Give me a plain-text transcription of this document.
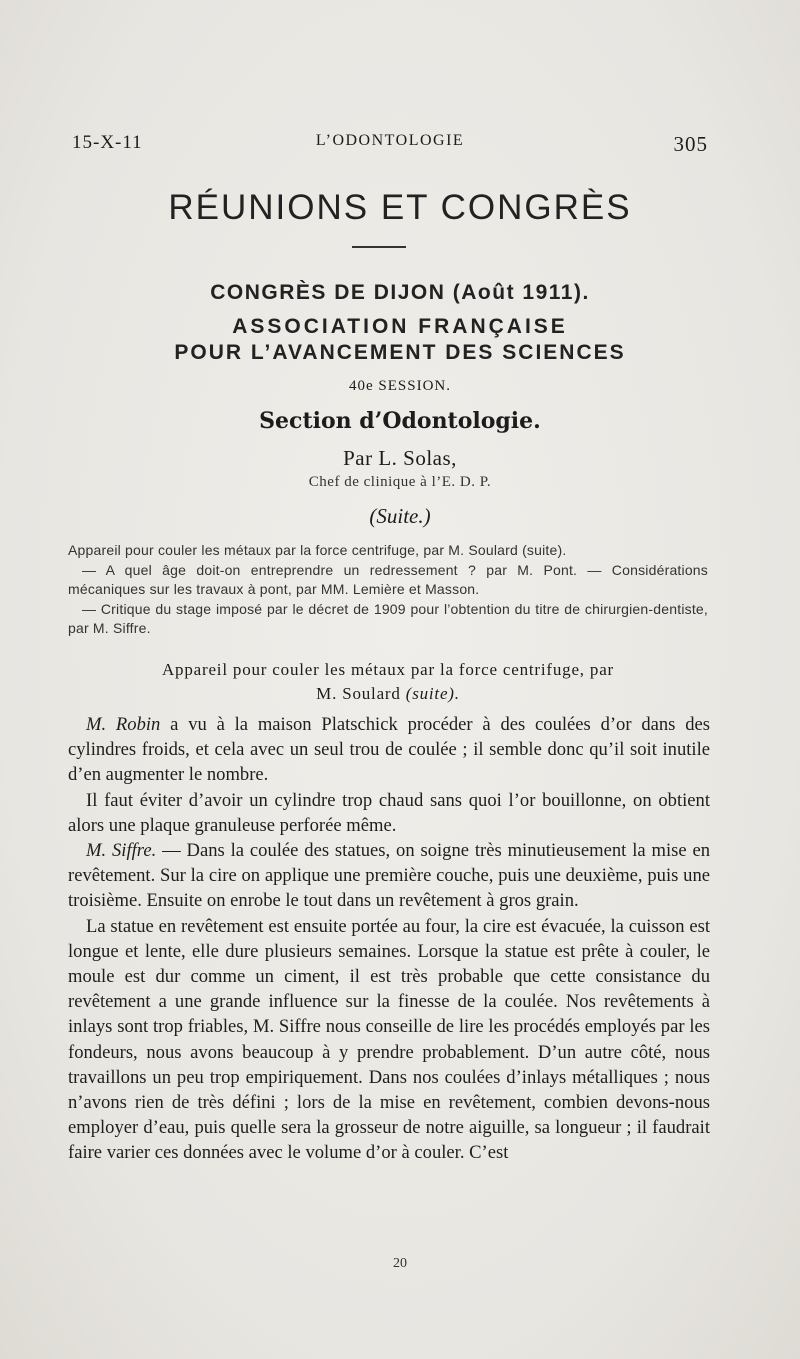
15-X-11	L’ODONTOLOGIE	305
RÉUNIONS ET CONGRÈS
CONGRÈS DE DIJON (Août 1911).
ASSOCIATION FRANÇAISE
POUR L’AVANCEMENT DES SCIENCES
40e SESSION.
Section d’Odontologie.
Par L. Solas,
Chef de clinique à l’E. D. P.
(Suite.)

Appareil pour couler les métaux par la force centrifuge, par M. Soulard (suite).

— A quel âge doit-on entreprendre un redressement ? par M. Pont. — Considérations mécaniques sur les travaux à pont, par MM. Lemière et Masson.

— Critique du stage imposé par le décret de 1909 pour l’obtention du titre de chirurgien-dentiste, par M. Siffre.

Appareil pour couler les métaux par la force centrifuge, par
M. Soulard (suite).

M. Robin a vu à la maison Platschick procéder à des coulées d’or dans des cylindres froids, et cela avec un seul trou de coulée ; il semble donc qu’il soit inutile d’en augmenter le nombre.

Il faut éviter d’avoir un cylindre trop chaud sans quoi l’or bouillonne, on obtient alors une plaque granuleuse perforée même.

M. Siffre. — Dans la coulée des statues, on soigne très minutieusement la mise en revêtement. Sur la cire on applique une première couche, puis une deuxième, puis une troisième. Ensuite on enrobe le tout dans un revêtement à gros grain.

La statue en revêtement est ensuite portée au four, la cire est évacuée, la cuisson est longue et lente, elle dure plusieurs semaines. Lorsque la statue est prête à couler, le moule est dur comme un ciment, il est très probable que cette consistance du revêtement a une grande influence sur la finesse de la coulée. Nos revêtements à inlays sont trop friables, M. Siffre nous conseille de lire les procédés employés par les fondeurs, nous avons beaucoup à y prendre probablement. D’un autre côté, nous travaillons un peu trop empiriquement. Dans nos coulées d’inlays métalliques ; nous n’avons rien de très défini ; lors de la mise en revêtement, combien devons-nous employer d’eau, puis quelle sera la grosseur de notre aiguille, sa longueur ; il faudrait faire varier ces données avec le volume d’or à couler. C’est

20
